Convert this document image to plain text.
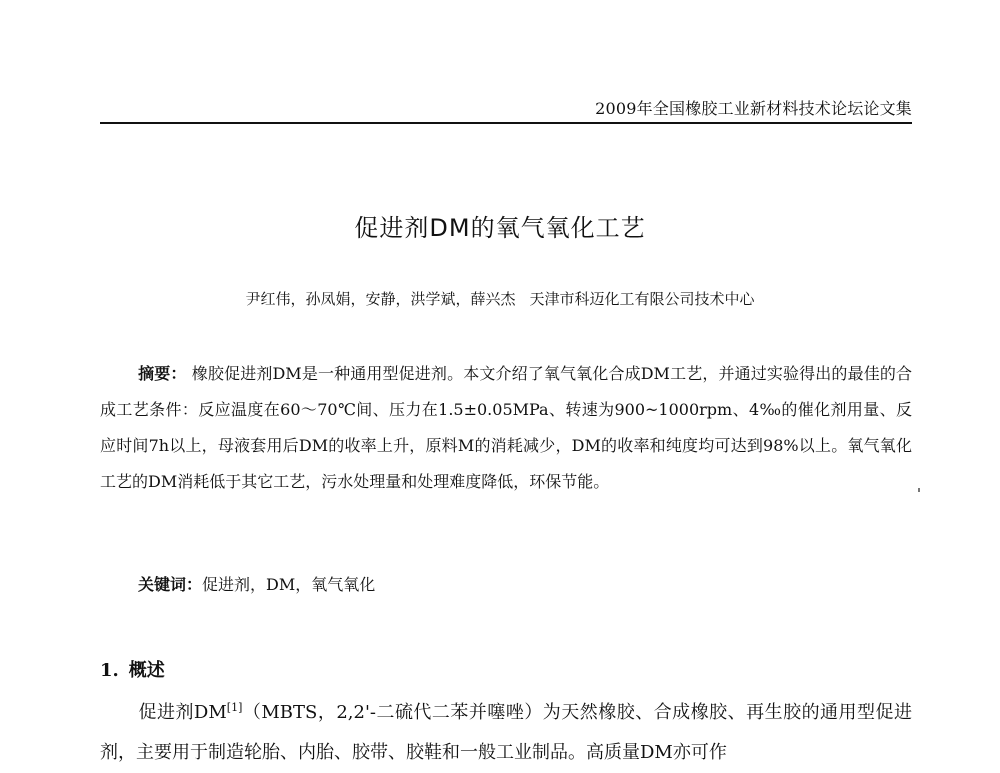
2009年全国橡胶工业新材料技术论坛论文集
促进剂DM的氧气氧化工艺
尹红伟，孙凤娟，安静，洪学斌，薛兴杰 天津市科迈化工有限公司技术中心
摘要： 橡胶促进剂DM是一种通用型促进剂。本文介绍了氧气氧化合成DM工艺，并通过实验得出的最佳的合成工艺条件：反应温度在60～70℃间、压力在1.5±0.05MPa、转速为900~1000rpm、4‰的催化剂用量、反应时间7h以上，母液套用后DM的收率上升，原料M的消耗减少，DM的收率和纯度均可达到98%以上。氧气氧化工艺的DM消耗低于其它工艺，污水处理量和处理难度降低，环保节能。
关键词：促进剂，DM，氧气氧化
1. 概述
促进剂DM[1]（MBTS，2,2'-二硫代二苯并噻唑）为天然橡胶、合成橡胶、再生胶的通用型促进剂，主要用于制造轮胎、内胎、胶带、胶鞋和一般工业制品。高质量DM亦可作
